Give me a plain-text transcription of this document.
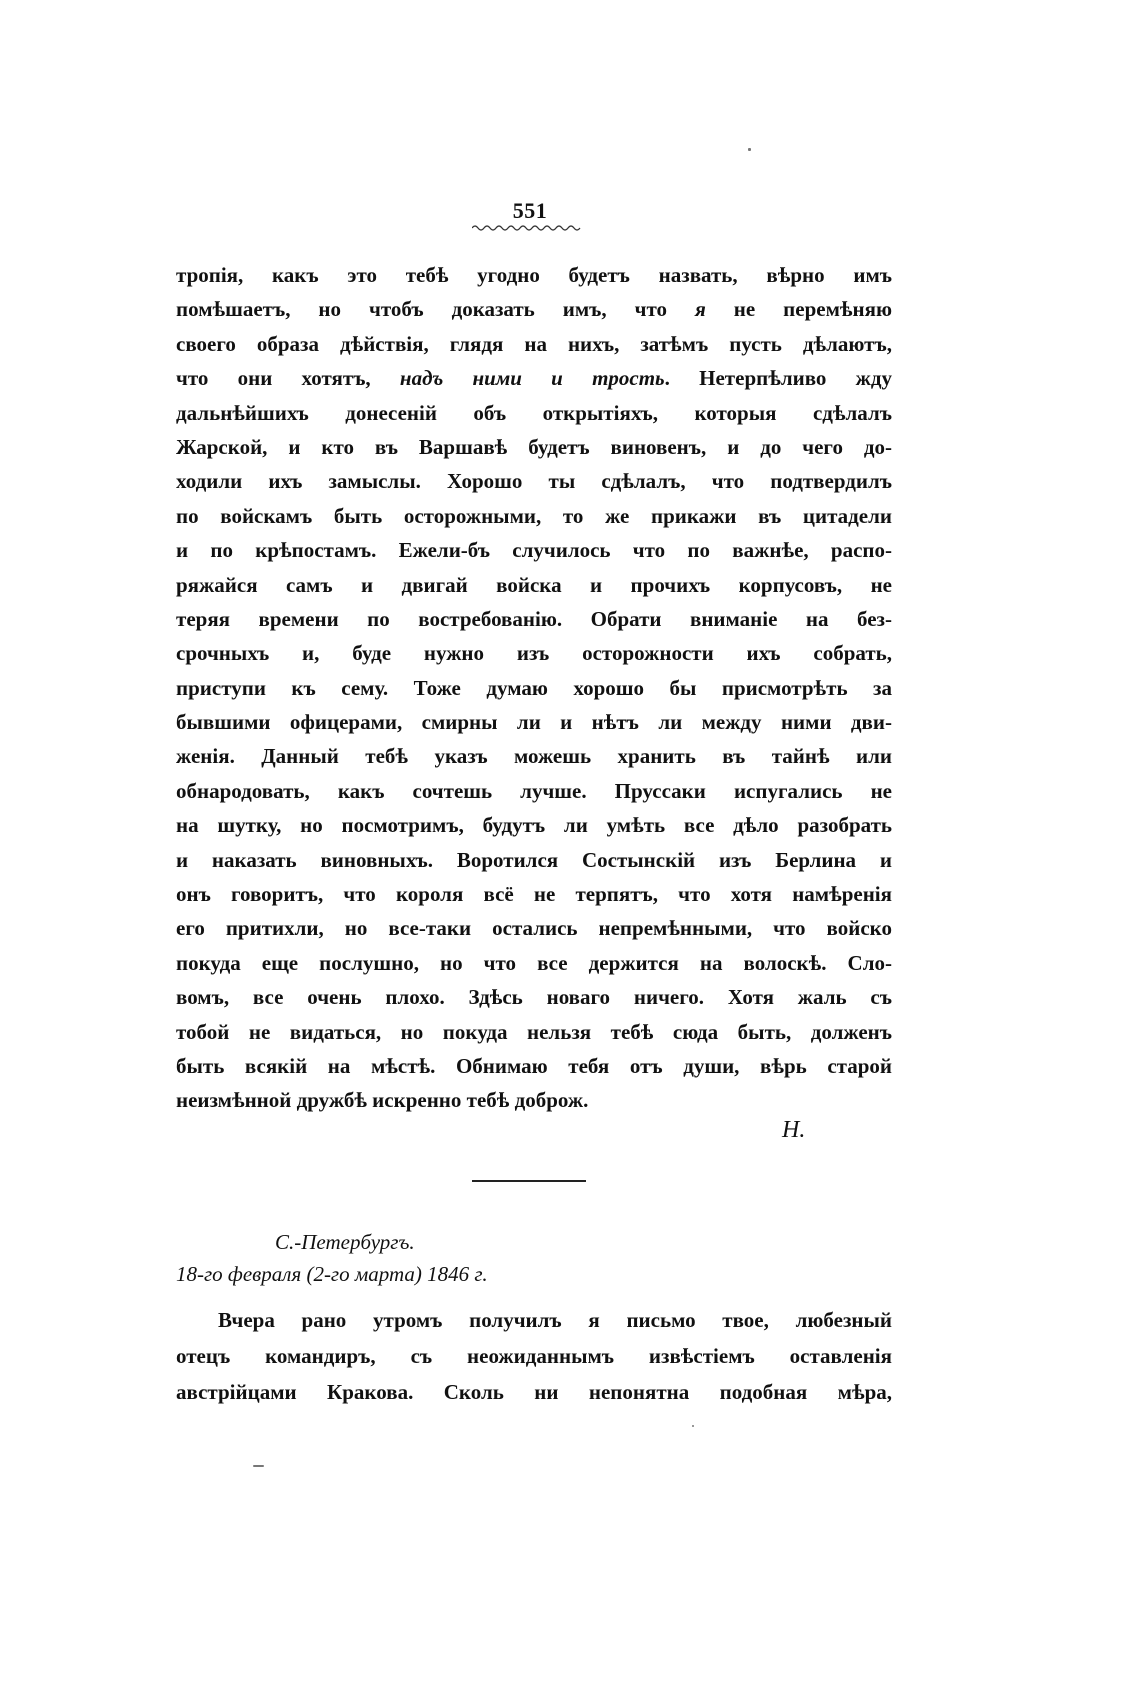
551
тропія, какъ это тебѣ угодно будетъ назвать, вѣрно имъ
помѣшаетъ, но чтобъ доказать имъ, что я не перемѣняю
своего образа дѣйствія, глядя на нихъ, затѣмъ пусть дѣлаютъ,
что они хотятъ, надъ ними и трость. Нетерпѣливо жду
дальнѣйшихъ донесеній объ открытіяхъ, которыя сдѣлалъ
Жарской, и кто въ Варшавѣ будетъ виновенъ, и до чего до-
ходили ихъ замыслы. Хорошо ты сдѣлалъ, что подтвердилъ
по войскамъ быть осторожными, то же прикажи въ цитадели
и по крѣпостамъ. Ежели-бъ случилось что по важнѣе, распо-
ряжайся самъ и двигай войска и прочихъ корпусовъ, не
теряя времени по востребованію. Обрати вниманіе на без-
срочныхъ и, буде нужно изъ осторожности ихъ собрать,
приступи къ сему. Тоже думаю хорошо бы присмотрѣть за
бывшими офицерами, смирны ли и нѣтъ ли между ними дви-
женія. Данный тебѣ указъ можешь хранить въ тайнѣ или
обнародовать, какъ сочтешь лучше. Пруссаки испугались не
на шутку, но посмотримъ, будутъ ли умѣть все дѣло разобрать
и наказать виновныхъ. Воротился Состынскій изъ Берлина и
онъ говоритъ, что короля всё не терпятъ, что хотя намѣренія
его притихли, но все-таки остались непремѣнными, что войско
покуда еще послушно, но что все держится на волоскѣ. Сло-
вомъ, все очень плохо. Здѣсь новаго ничего. Хотя жаль съ
тобой не видаться, но покуда нельзя тебѣ сюда быть, долженъ
быть всякій на мѣстѣ. Обнимаю тебя отъ души, вѣрь старой
неизмѣнной дружбѣ искренно тебѣ доброж.
Н.
С.-Петербургъ.
18-го февраля (2-го марта) 1846 г.
Вчера рано утромъ получилъ я письмо твое, любезный
отецъ командиръ, съ неожиданнымъ извѣстіемъ оставленія
австрійцами Кракова. Сколь ни непонятна подобная мѣра,
